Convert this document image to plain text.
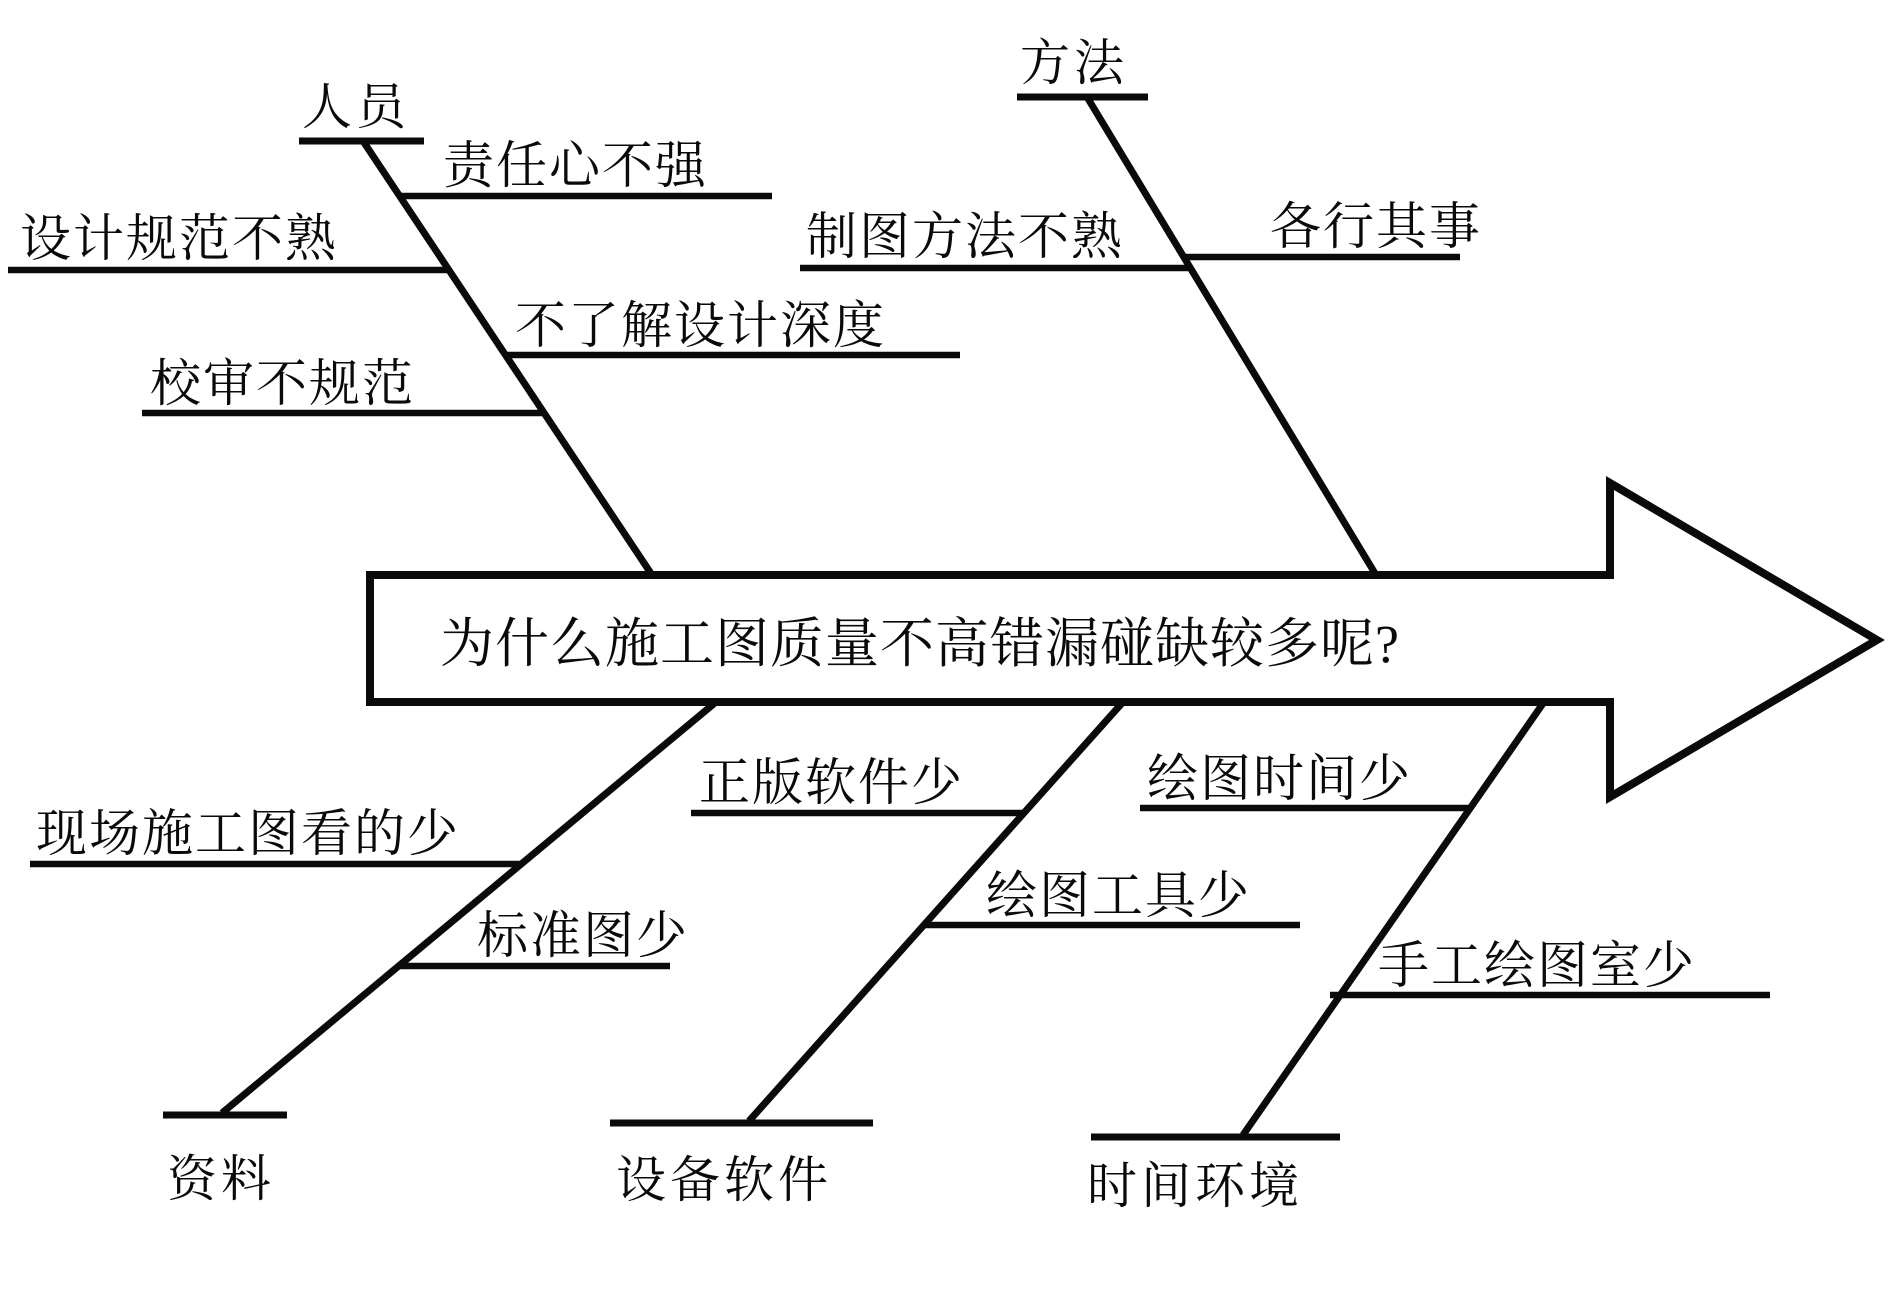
为什么施工图质量不高错漏碰缺较多呢?
人员
方法
资料	设备软件	时间环境
责任心不强
设计规范不熟
不了解设计深度
校审不规范
制图方法不熟	各行其事
现场施工图看的少
标准图少
正版软件少
绘图工具少
绘图时间少
手工绘图室少
